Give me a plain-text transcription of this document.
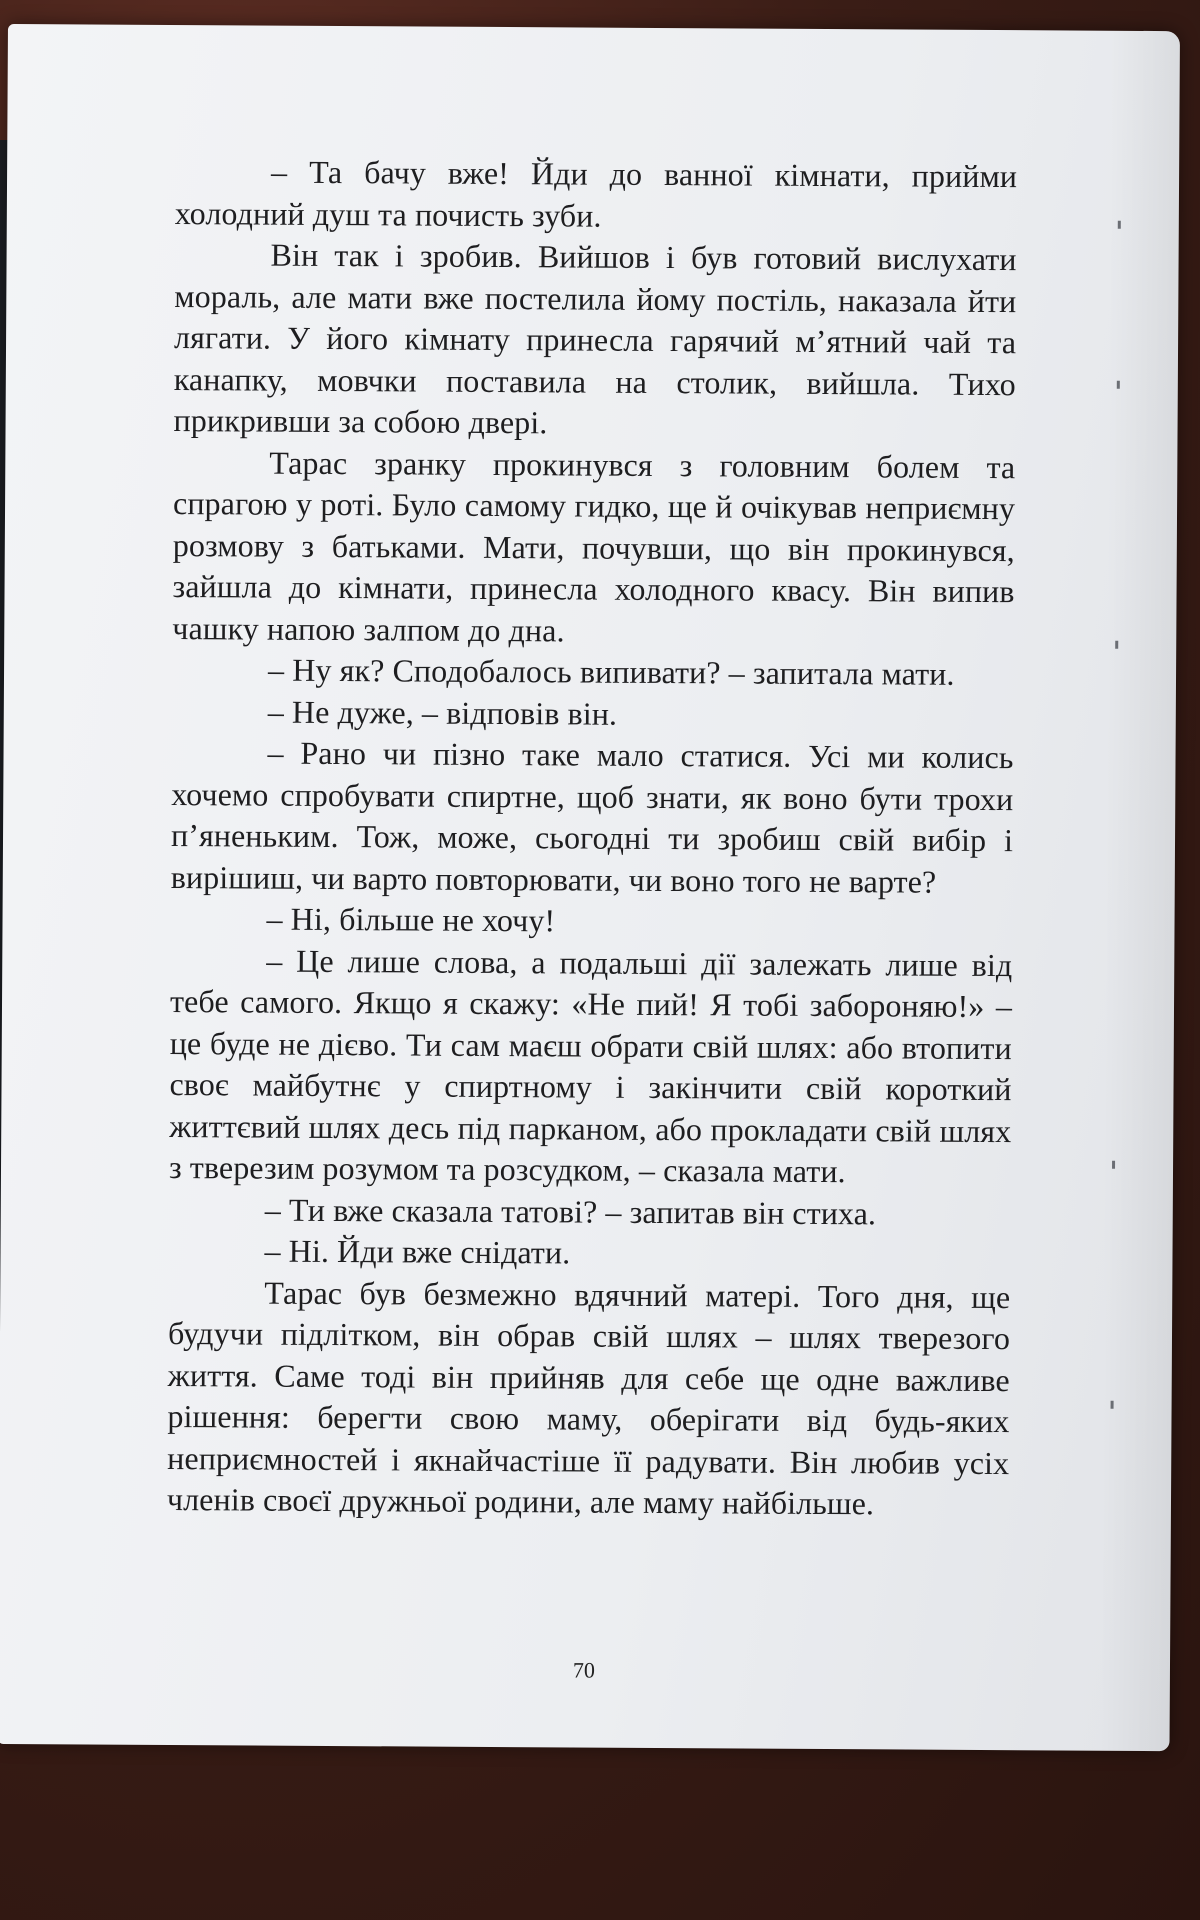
– Та бачу вже! Йди до ванної кімнати, прийми холодний душ та почисть зуби.

Він так і зробив. Вийшов і був готовий вислухати мораль, але мати вже постелила йому постіль, наказала йти лягати. У його кімнату принесла гарячий м’ятний чай та канапку, мовчки поставила на столик, вийшла. Тихо прикривши за собою двері.

Тарас зранку прокинувся з головним болем та спрагою у роті. Було самому гидко, ще й очікував неприємну розмову з батьками. Мати, почувши, що він прокинувся, зайшла до кімнати, принесла холодного квасу. Він випив чашку напою залпом до дна.

– Ну як? Сподобалось випивати? – запитала мати.

– Не дуже, – відповів він.

– Рано чи пізно таке мало статися. Усі ми колись хочемо спробувати спиртне, щоб знати, як воно бути трохи п’яненьким. Тож, може, сьогодні ти зробиш свій вибір і вирішиш, чи варто повторювати, чи воно того не варте?

– Ні, більше не хочу!

– Це лише слова, а подальші дії залежать лише від тебе самого. Якщо я скажу: «Не пий! Я тобі забороняю!» – це буде не дієво. Ти сам маєш обрати свій шлях: або втопити своє майбутнє у спиртному і закінчити свій короткий життєвий шлях десь під парканом, або прокладати свій шлях з тверезим розумом та розсудком, – сказала мати.

– Ти вже сказала татові? – запитав він стиха.

– Ні. Йди вже снідати.

Тарас був безмежно вдячний матері. Того дня, ще будучи підлітком, він обрав свій шлях – шлях тверезого життя. Саме тоді він прийняв для себе ще одне важливе рішення: берегти свою маму, оберігати від будь-яких неприємностей і якнайчастіше її радувати. Він любив усіх членів своєї дружньої родини, але маму найбільше.

70
